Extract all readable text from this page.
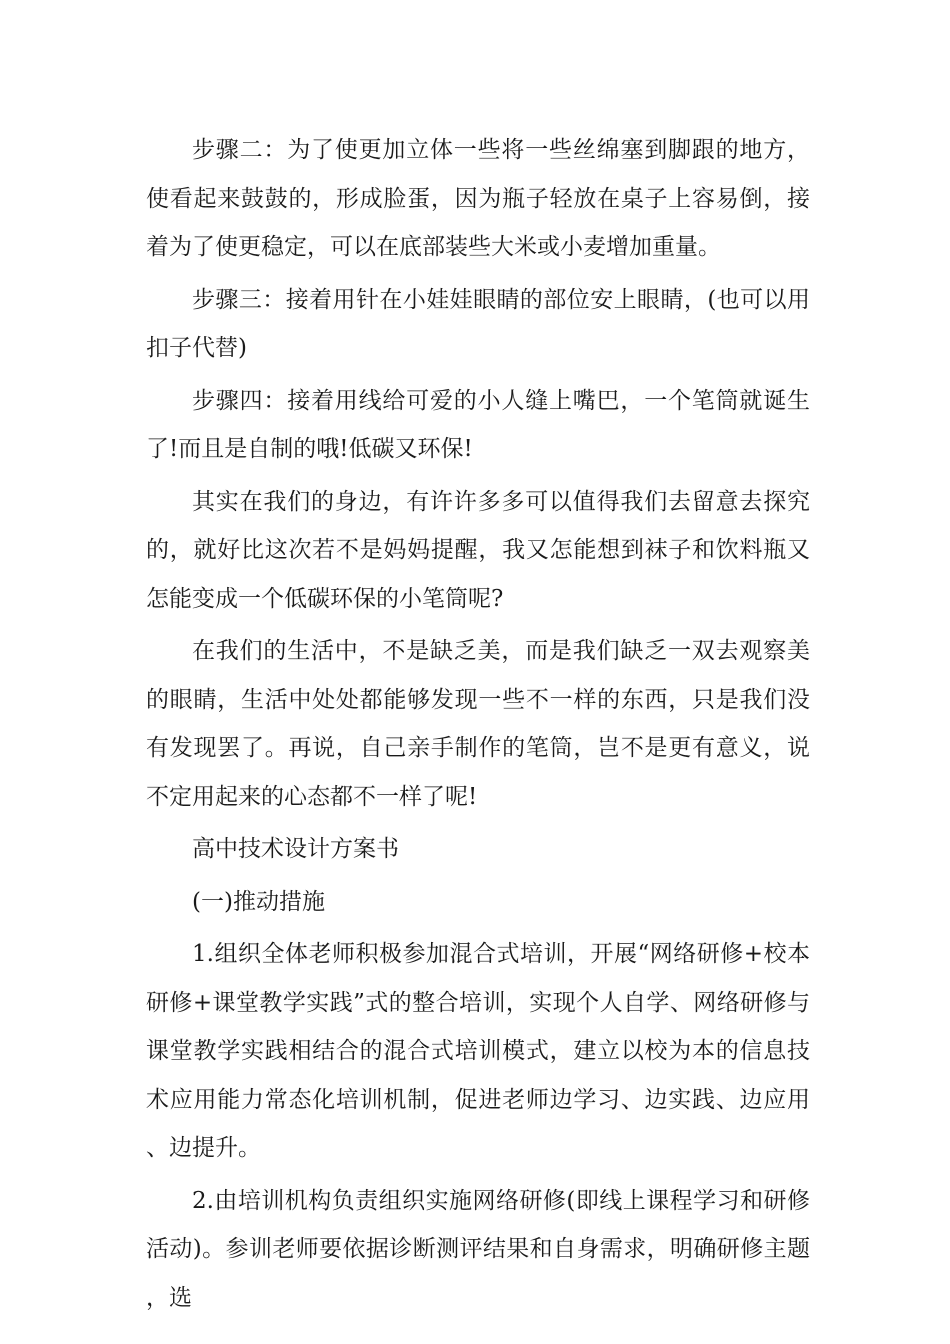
步骤二：为了使更加立体一些将一些丝绵塞到脚跟的地方，使看起来鼓鼓的，形成脸蛋，因为瓶子轻放在桌子上容易倒，接着为了使更稳定，可以在底部装些大米或小麦增加重量。

步骤三：接着用针在小娃娃眼睛的部位安上眼睛，(也可以用扣子代替)

步骤四：接着用线给可爱的小人缝上嘴巴，一个笔筒就诞生了!而且是自制的哦!低碳又环保!

其实在我们的身边，有许许多多可以值得我们去留意去探究的，就好比这次若不是妈妈提醒，我又怎能想到袜子和饮料瓶又怎能变成一个低碳环保的小笔筒呢?

在我们的生活中，不是缺乏美，而是我们缺乏一双去观察美的眼睛，生活中处处都能够发现一些不一样的东西，只是我们没有发现罢了。再说，自己亲手制作的笔筒，岂不是更有意义，说不定用起来的心态都不一样了呢!

高中技术设计方案书

(一)推动措施

1.组织全体老师积极参加混合式培训，开展“网络研修+校本研修+课堂教学实践”式的整合培训，实现个人自学、网络研修与课堂教学实践相结合的混合式培训模式，建立以校为本的信息技术应用能力常态化培训机制，促进老师边学习、边实践、边应用、边提升。

2.由培训机构负责组织实施网络研修(即线上课程学习和研修活动)。参训老师要依据诊断测评结果和自身需求，明确研修主题，选
